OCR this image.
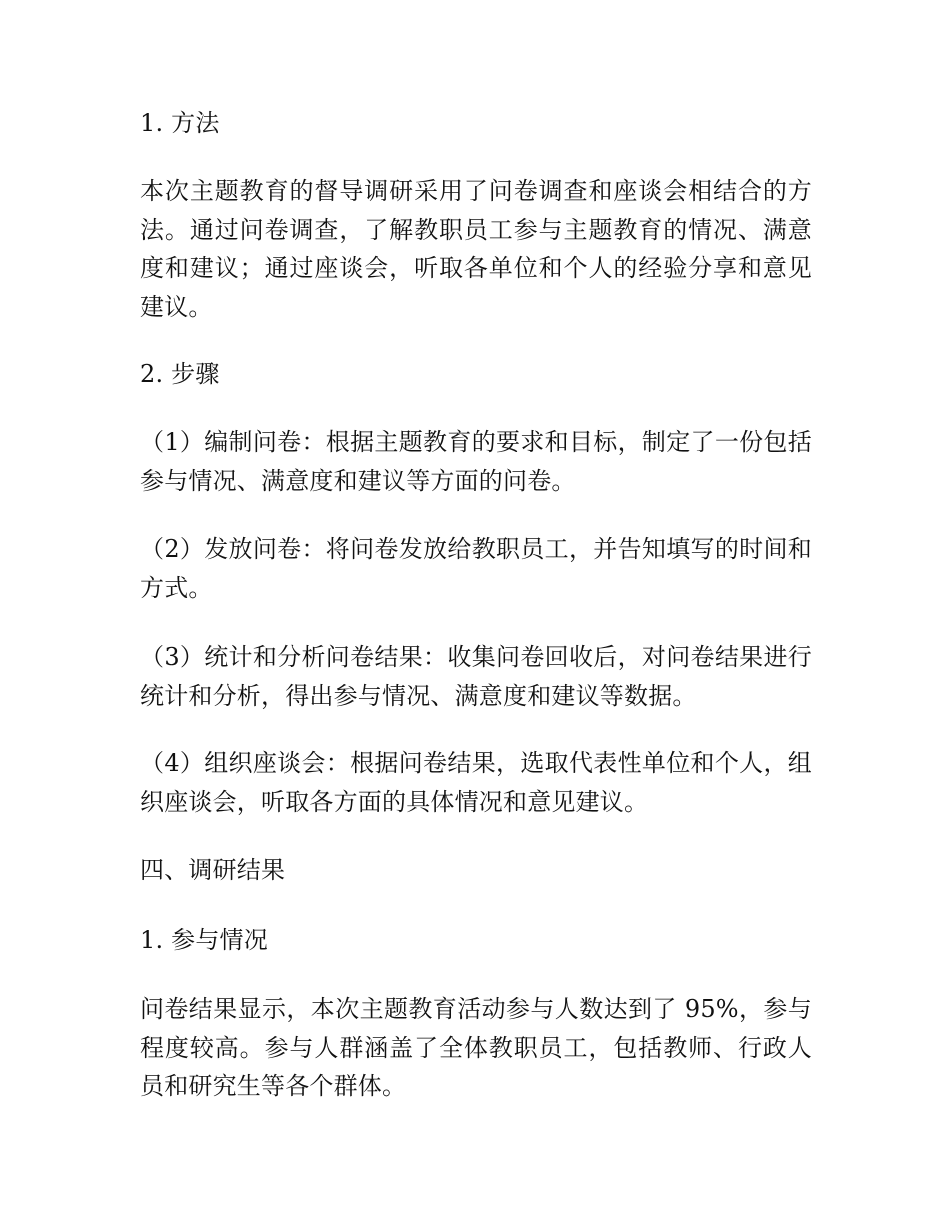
1. 方法

本次主题教育的督导调研采用了问卷调查和座谈会相结合的方法。通过问卷调查，了解教职员工参与主题教育的情况、满意度和建议；通过座谈会，听取各单位和个人的经验分享和意见建议。

2. 步骤

（1）编制问卷：根据主题教育的要求和目标，制定了一份包括参与情况、满意度和建议等方面的问卷。

（2）发放问卷：将问卷发放给教职员工，并告知填写的时间和方式。

（3）统计和分析问卷结果：收集问卷回收后，对问卷结果进行统计和分析，得出参与情况、满意度和建议等数据。

（4）组织座谈会：根据问卷结果，选取代表性单位和个人，组织座谈会，听取各方面的具体情况和意见建议。

四、调研结果

1. 参与情况

问卷结果显示，本次主题教育活动参与人数达到了 95%，参与程度较高。参与人群涵盖了全体教职员工，包括教师、行政人员和研究生等各个群体。
